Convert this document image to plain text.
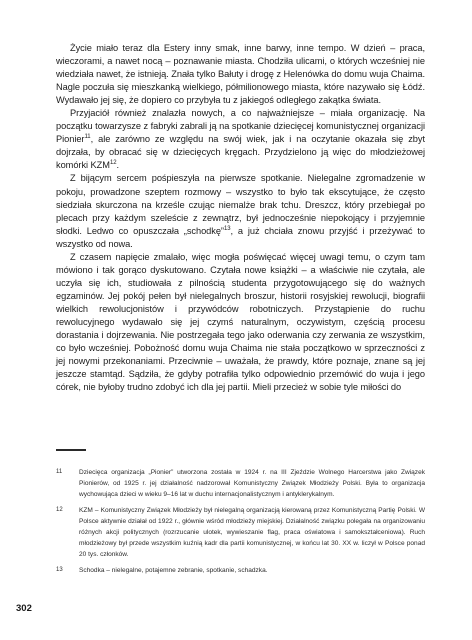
Życie miało teraz dla Estery inny smak, inne barwy, inne tempo. W dzień – praca, wieczorami, a nawet nocą – poznawanie miasta. Chodziła ulicami, o których wcześniej nie wiedziała nawet, że istnieją. Znała tylko Bałuty i drogę z Helenówka do domu wuja Chaima. Nagle poczuła się mieszkanką wielkiego, półmilionowego miasta, które nazywało się Łódź. Wydawało jej się, że dopiero co przybyła tu z jakiegoś odległego zakątka świata.

Przyjaciół również znalazła nowych, a co najważniejsze – miała organizację. Na początku towarzysze z fabryki zabrali ją na spotkanie dziecięcej komunistycznej organizacji Pionier$^{11}$, ale zarówno ze względu na swój wiek, jak i na oczytanie okazała się zbyt dojrzała, by obracać się w dziecięcych kręgach. Przydzielono ją więc do młodzieżowej komórki KZM$^{12}$.

Z bijącym sercem pośpieszyła na pierwsze spotkanie. Nielegalne zgromadzenie w pokoju, prowadzone szeptem rozmowy – wszystko to było tak ekscytujące, że często siedziała skurczona na krześle czując niemalże brak tchu. Dreszcz, który przebiegał po plecach przy każdym szeleście z zewnątrz, był jednocześnie niepokojący i przyjemnie słodki. Ledwo co opuszczała „schodkę”$^{13}$, a już chciała znowu przyjść i przeżywać to wszystko od nowa.

Z czasem napięcie zmalało, więc mogła poświęcać więcej uwagi temu, o czym tam mówiono i tak gorąco dyskutowano. Czytała nowe książki – a właściwie nie czytała, ale uczyła się ich, studiowała z pilnością studenta przygotowującego się do ważnych egzaminów. Jej pokój pełen był nielegalnych broszur, historii rosyjskiej rewolucji, biografii wielkich rewolucjonistów i przywódców robotniczych. Przystąpienie do ruchu rewolucyjnego wydawało się jej czymś naturalnym, oczywistym, częścią procesu dorastania i dojrzewania. Nie postrzegała tego jako oderwania czy zerwania ze wszystkim, co było wcześniej. Pobożność domu wuja Chaima nie stała początkowo w sprzeczności z jej nowymi przekonaniami. Przeciwnie – uważała, że prawdy, które poznaje, znane są jej jeszcze stamtąd. Sądziła, że gdyby potrafiła tylko odpowiednio przemówić do wuja i jego córek, nie byłoby trudno zdobyć ich dla jej partii. Mieli przecież w sobie tyle miłości do

11	Dziecięca organizacja „Pionier” utworzona została w 1924 r. na III Zjeździe Wolnego Harcerstwa jako Związek Pionierów, od 1925 r. jej działalność nadzorował Komunistyczny Związek Młodzieży Polski. Była to organizacja wychowująca dzieci w wieku 9–16 lat w duchu internacjonalistycznym i antyklerykalnym.
12 KZM – Komunistyczny Związek Młodzieży był nielegalną organizacją kierowaną przez Komunistyczną Partię Polski. W Polsce aktywnie działał od 1922 r., głównie wśród młodzieży miejskiej. Działalność związku polegała na organizowaniu różnych akcji politycznych (rozrzucanie ulotek, wywieszanie flag, praca oświatowa i samokształceniowa). Ruch młodzieżowy był przede wszystkim kuźnią kadr dla partii komunistycznej, w końcu lat 30. XX w. liczył w Polsce ponad 20 tys. członków.
13 Schodka – nielegalne, potajemne zebranie, spotkanie, schadzka.
302
